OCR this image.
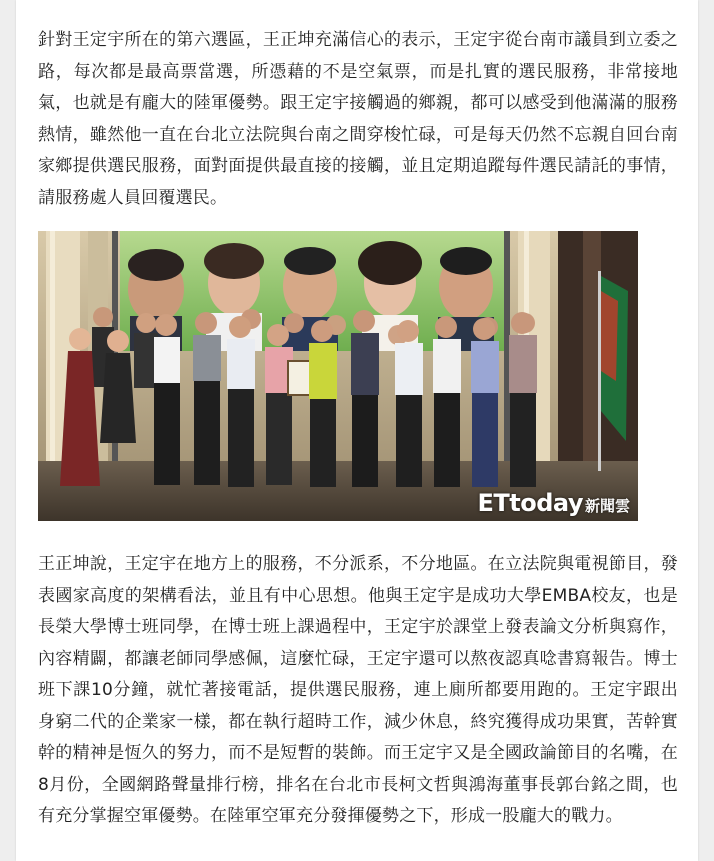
針對王定宇所在的第六選區，王正坤充滿信心的表示，王定宇從台南市議員到立委之路，每次都是最高票當選，所憑藉的不是空氣票，而是扎實的選民服務，非常接地氣，也就是有龐大的陸軍優勢。跟王定宇接觸過的鄉親，都可以感受到他滿滿的服務熱情，雖然他一直在台北立法院與台南之間穿梭忙碌，可是每天仍然不忘親自回台南家鄉提供選民服務，面對面提供最直接的接觸，並且定期追蹤每件選民請託的事情，請服務處人員回覆選民。

ETtoday 新聞雲

王正坤說，王定宇在地方上的服務，不分派系，不分地區。在立法院與電視節目，發表國家高度的架構看法，並且有中心思想。他與王定宇是成功大學EMBA校友，也是長榮大學博士班同學，在博士班上課過程中，王定宇於課堂上發表論文分析與寫作，內容精闢，都讓老師同學感佩，這麼忙碌，王定宇還可以熬夜認真唸書寫報告。博士班下課10分鐘，就忙著接電話，提供選民服務，連上廁所都要用跑的。王定宇跟出身窮二代的企業家一樣，都在執行超時工作，減少休息，終究獲得成功果實，苦幹實幹的精神是恆久的努力，而不是短暫的裝飾。而王定宇又是全國政論節目的名嘴，在8月份，全國網路聲量排行榜，排名在台北市長柯文哲與鴻海董事長郭台銘之間，也有充分掌握空軍優勢。在陸軍空軍充分發揮優勢之下，形成一股龐大的戰力。
